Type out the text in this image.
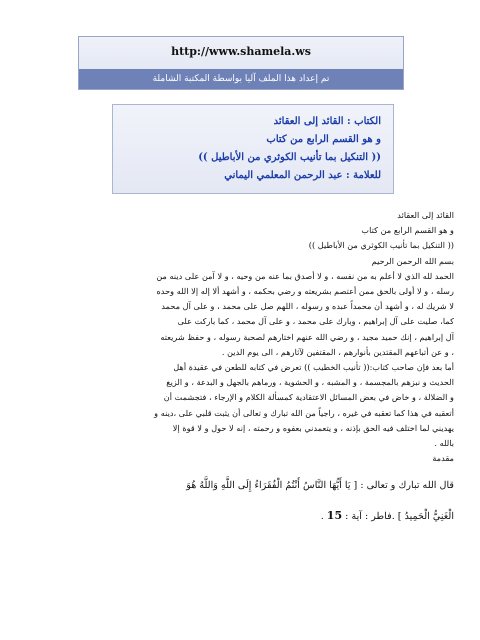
http://www.shamela.ws
تم إعداد هذا الملف آليا بواسطة المكتبة الشاملة
الكتاب : القائد إلى العقائد
و هو القسم الرابع من كتاب
(( التنكيل بما تأنيب الكوثري من الأباطيل ))
للعلامة : عبد الرحمن المعلمي اليماني

القائد إلى العقائد

و هو القسم الرابع من كتاب

(( التنكيل بما تأنيب الكوثري من الأباطيل ))

بسم الله الرحمن الرحيم

الحمد لله الذي لا أعلم به من نفسه ، و لا أصدق بما عنه من وحيه ، و لا آمن على دينه من

رسله ، و لا أولى بالحق ممن أعتصم بشريعته و رضي بحكمه ، و أشهد ألا إله إلا الله وحده

لا شريك له ، و أشهد أن محمداً عبده و رسوله ، اللهم صل على محمد ، و على آل محمد

كما، صليت على آل إبراهيم ، وبارك على محمد ، و على آل محمد ، كما باركت على

آل إبراهيم ، إنك حميد مجيد ، و رضي الله عنهم اختارهم لصحبة رسوله ، و حفظ شريعته

، و عن أتباعهم المقتدين بأنوارهم ، المقتفين لآثارهم ، الى يوم الدين .

أما بعد فإن صاحب كتاب:(( تأنيب الخطيب )) تعرض في كتابه للطعن في عقيدة أهل

الحديث و نبزهم بالمجسمة ، و المشبه ، و الحشوية ، ورماهم بالجهل و البدعة ، و الزيغ

و الضلالة ، و خاض في بعض المسائل الاعتقادية كمسألة الكلام و الإرجاء ، فتجشمت أن

أتعقبه في هذا كما تعقبه في غيره ، راجياً من الله تبارك و تعالى أن يثبت قلبي على ،دينه و

يهديني لما اختلف فيه الحق بإذنه ، و يتعمدني بعفوه و رحمته ، إنه لا حول و لا قوة إلا

بالله .

مقدمة

قال الله تبارك و تعالى : [ يَا أَيُّهَا النَّاسُ أَنْتُمُ الْفُقَرَاءُ إِلَى اللَّهِ وَاللَّهُ هُوَ

الْغَنِيُّ الْحَمِيدُ ] .فاطر : آية : 15 .
